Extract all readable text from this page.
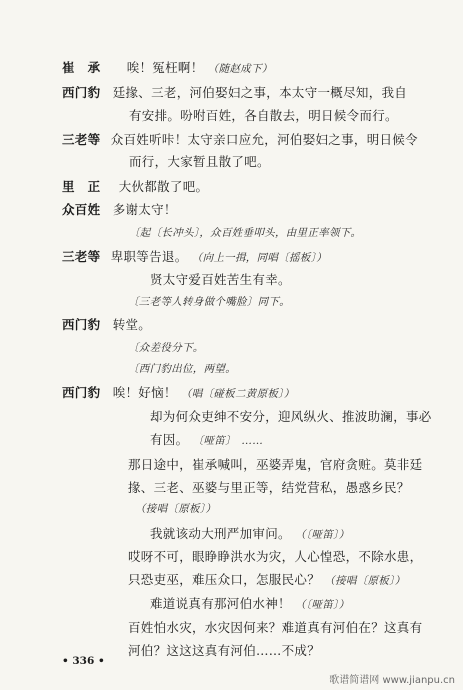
崔　承 唉！冤枉啊！ （随赵成下）
西门豹 廷掾、三老，河伯娶妇之事，本太守一概尽知，我自
有安排。吩咐百姓，各自散去，明日候令而行。
三老等 众百姓听咔！太守亲口应允，河伯娶妇之事，明日候令
而行，大家暂且散了吧。
里　正 大伙都散了吧。
众百姓 多谢太守！
〔起〔长冲头〕，众百姓垂叩头，由里正率领下。
三老等 卑职等告退。 （向上一揖，同唱〔摇板〕）
贤太守爱百姓苦生有幸。
〔三老等人转身做个嘴脸〕同下。
西门豹 转堂。
〔众差役分下。
〔西门豹出位，两望。
西门豹 唉！好恼！ （唱〔碰板二黄原板〕）
却为何众吏绅不安分，迎风纵火、推波助澜，事必
有因。 〔哑笛〕　……
那日途中，崔承喊叫，巫婆弄鬼，官府贪赃。莫非廷
掾、三老、巫婆与里正等，结党营私，愚惑乡民？
（接唱〔原板〕）
我就该动大刑严加审问。 （〔哑笛〕）
哎呀不可，眼睁睁洪水为灾，人心惶恐，不除水患，
只恐吏巫，难压众口，怎服民心？ （接唱〔原板〕）
难道说真有那河伯水神！ （〔哑笛〕）
百姓怕水灾，水灾因何来？难道真有河伯在？这真有
河伯？这这这真有河伯……不成？
• 336 •
歌谱简谱网 www.jianpu.cn
